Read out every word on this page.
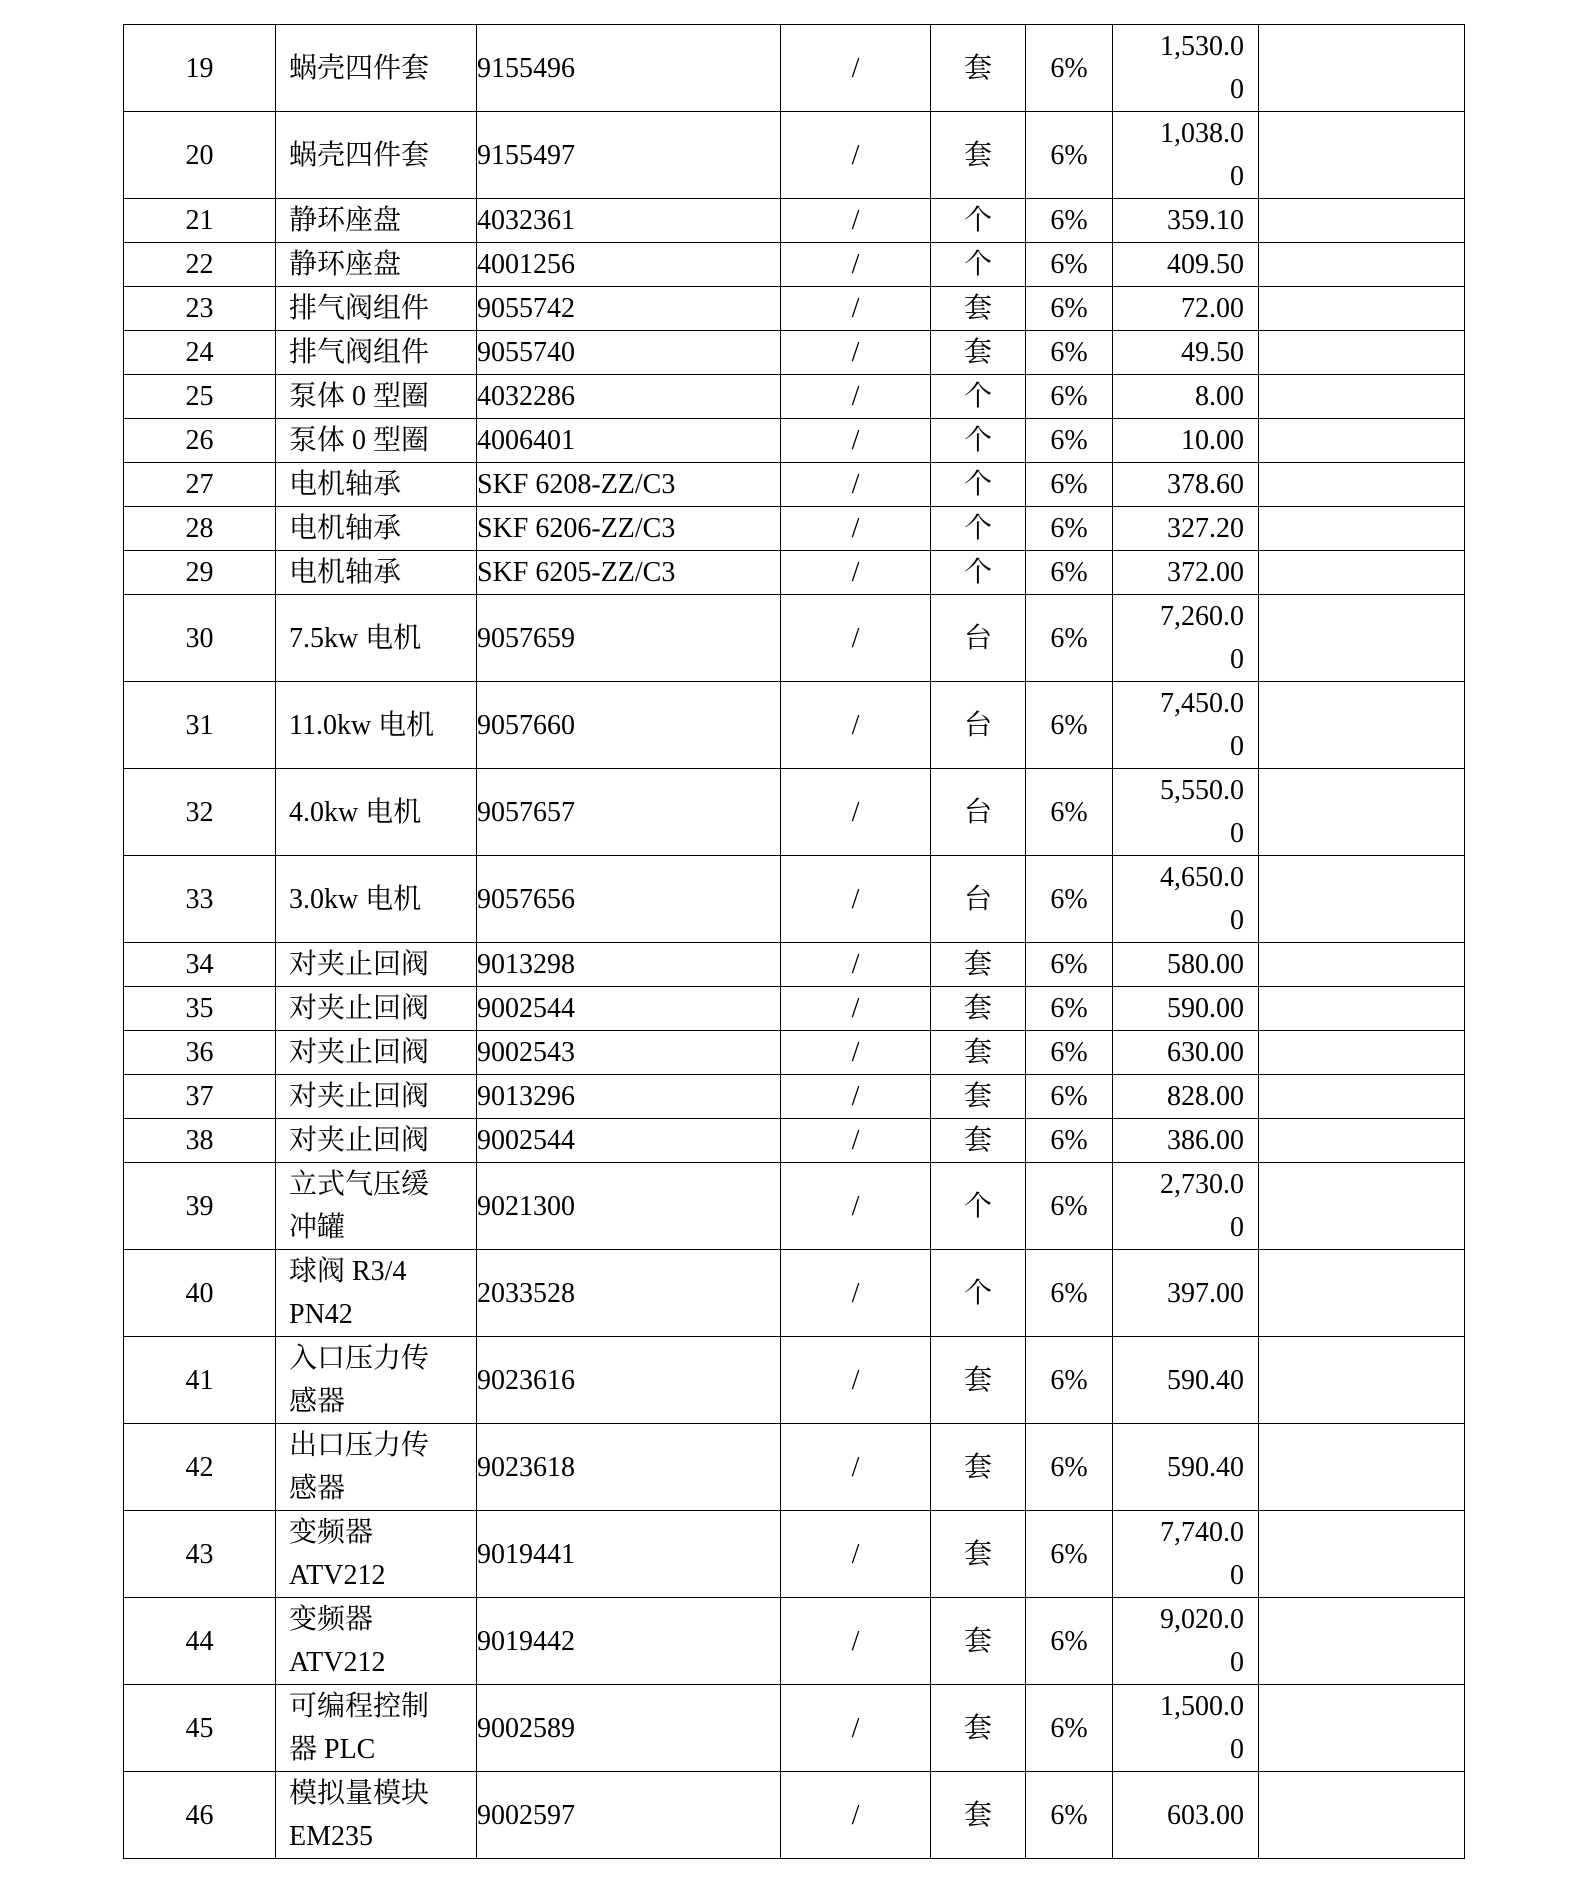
19	蜗壳四件套	9155496	/	套	6%	1,530.00	

20	蜗壳四件套	9155497	/	套	6%	1,038.00	

21	静环座盘	4032361	/	个	6%	359.10	

22	静环座盘	4001256	/	个	6%	409.50	

23	排气阀组件	9055742	/	套	6%	72.00	

24	排气阀组件	9055740	/	套	6%	49.50	

25	泵体 0 型圈	4032286	/	个	6%	8.00	

26	泵体 0 型圈	4006401	/	个	6%	10.00	

27	电机轴承	SKF 6208-ZZ/C3	/	个	6%	378.60	

28	电机轴承	SKF 6206-ZZ/C3	/	个	6%	327.20	

29	电机轴承	SKF 6205-ZZ/C3	/	个	6%	372.00	

30	7.5kw 电机	9057659	/	台	6%	7,260.00	

31	11.0kw 电机	9057660	/	台	6%	7,450.00	

32	4.0kw 电机	9057657	/	台	6%	5,550.00	

33	3.0kw 电机	9057656	/	台	6%	4,650.00	

34	对夹止回阀	9013298	/	套	6%	580.00	

35	对夹止回阀	9002544	/	套	6%	590.00	

36	对夹止回阀	9002543	/	套	6%	630.00	

37	对夹止回阀	9013296	/	套	6%	828.00	

38	对夹止回阀	9002544	/	套	6%	386.00	

39	立式气压缓冲罐	9021300	/	个	6%	2,730.00	

40	球阀 R3/4 PN42	2033528	/	个	6%	397.00	

41	入口压力传感器	9023616	/	套	6%	590.40	

42	出口压力传感器	9023618	/	套	6%	590.40	

43	变频器 ATV212	9019441	/	套	6%	7,740.00	

44	变频器 ATV212	9019442	/	套	6%	9,020.00	

45	可编程控制器 PLC	9002589	/	套	6%	1,500.00	

46	模拟量模块 EM235	9002597	/	套	6%	603.00	
